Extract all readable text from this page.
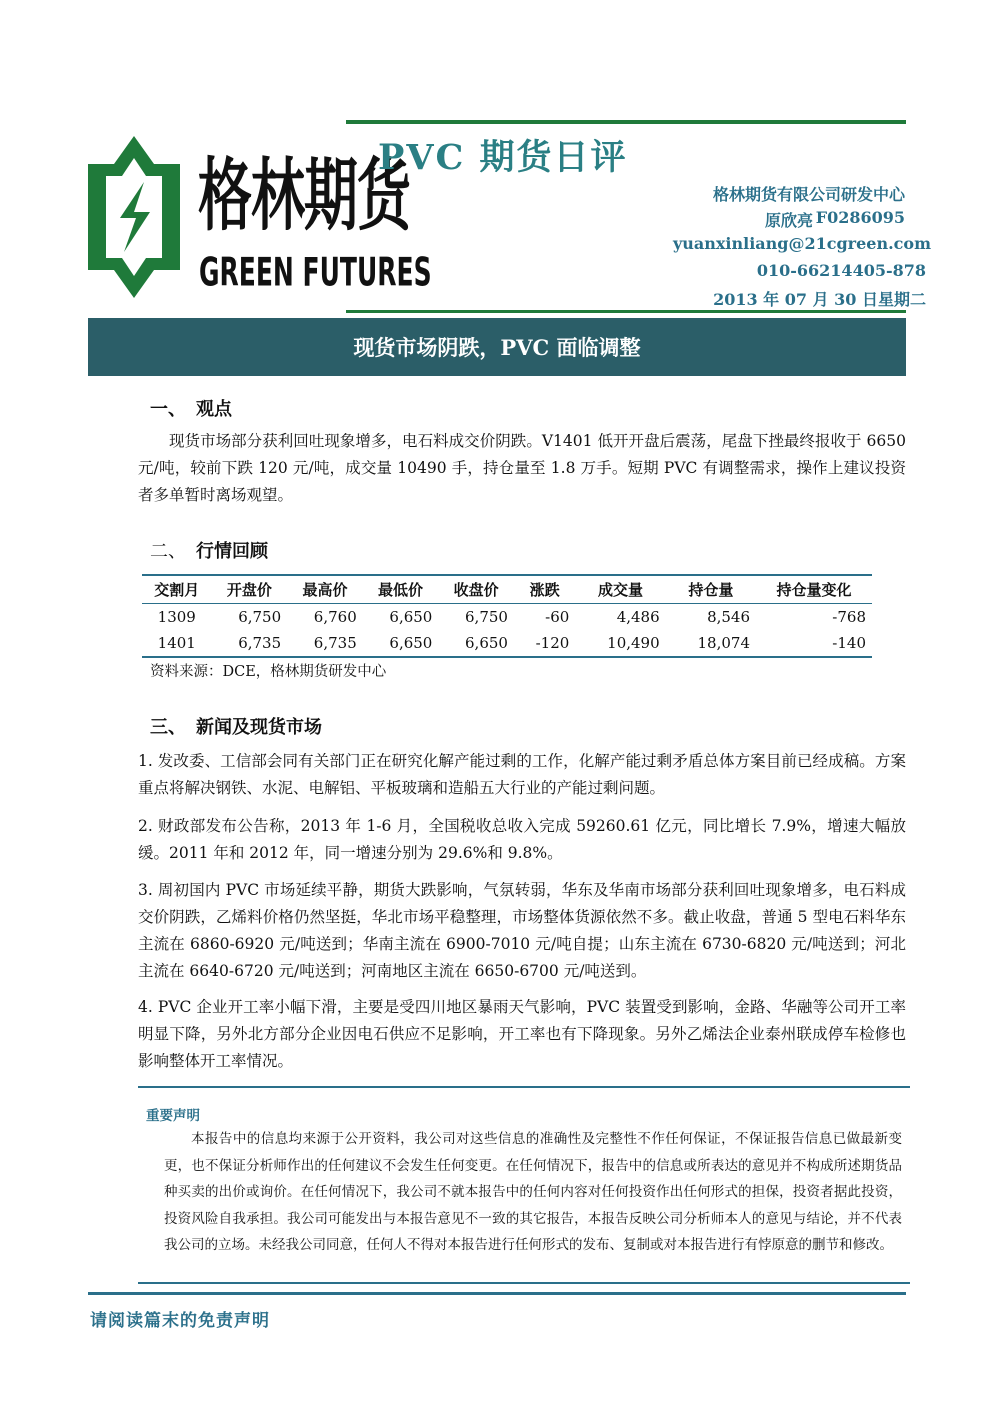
格林期货
GREEN FUTURES
PVC 期货日评
格林期货有限公司研发中心
原欣亮 F0286095
yuanxinliang@21cgreen.com
010-66214405-878
2013 年 07 月 30 日星期二
现货市场阴跌，PVC 面临调整
一、 观点
现货市场部分获利回吐现象增多，电石料成交价阴跌。V1401 低开开盘后震荡，尾盘下挫最终报收于 6650 元/吨，较前下跌 120 元/吨，成交量 10490 手，持仓量至 1.8 万手。短期 PVC 有调整需求，操作上建议投资者多单暂时离场观望。
二、 行情回顾
交割月	开盘价	最高价	最低价	收盘价	涨跌	成交量	持仓量	持仓量变化
1309	6,750	6,760	6,650	6,750	-60	4,486	8,546	-768
1401	6,735	6,735	6,650	6,650	-120	10,490	18,074	-140
资料来源：DCE，格林期货研发中心
三、 新闻及现货市场
1. 发改委、工信部会同有关部门正在研究化解产能过剩的工作，化解产能过剩矛盾总体方案目前已经成稿。方案重点将解决钢铁、水泥、电解铝、平板玻璃和造船五大行业的产能过剩问题。
2. 财政部发布公告称，2013 年 1-6 月，全国税收总收入完成 59260.61 亿元，同比增长 7.9%，增速大幅放缓。2011 年和 2012 年，同一增速分别为 29.6%和 9.8%。
3. 周初国内 PVC 市场延续平静，期货大跌影响，气氛转弱，华东及华南市场部分获利回吐现象增多，电石料成交价阴跌，乙烯料价格仍然坚挺，华北市场平稳整理，市场整体货源依然不多。截止收盘，普通 5 型电石料华东主流在 6860-6920 元/吨送到；华南主流在 6900-7010 元/吨自提；山东主流在 6730-6820 元/吨送到；河北主流在 6640-6720 元/吨送到；河南地区主流在 6650-6700 元/吨送到。
4. PVC 企业开工率小幅下滑，主要是受四川地区暴雨天气影响，PVC 装置受到影响，金路、华融等公司开工率明显下降，另外北方部分企业因电石供应不足影响，开工率也有下降现象。另外乙烯法企业泰州联成停车检修也影响整体开工率情况。
重要声明
本报告中的信息均来源于公开资料，我公司对这些信息的准确性及完整性不作任何保证，不保证报告信息已做最新变更，也不保证分析师作出的任何建议不会发生任何变更。在任何情况下，报告中的信息或所表达的意见并不构成所述期货品种买卖的出价或询价。在任何情况下，我公司不就本报告中的任何内容对任何投资作出任何形式的担保，投资者据此投资，投资风险自我承担。我公司可能发出与本报告意见不一致的其它报告，本报告反映公司分析师本人的意见与结论，并不代表我公司的立场。未经我公司同意，任何人不得对本报告进行任何形式的发布、复制或对本报告进行有悖原意的删节和修改。
请阅读篇末的免责声明
